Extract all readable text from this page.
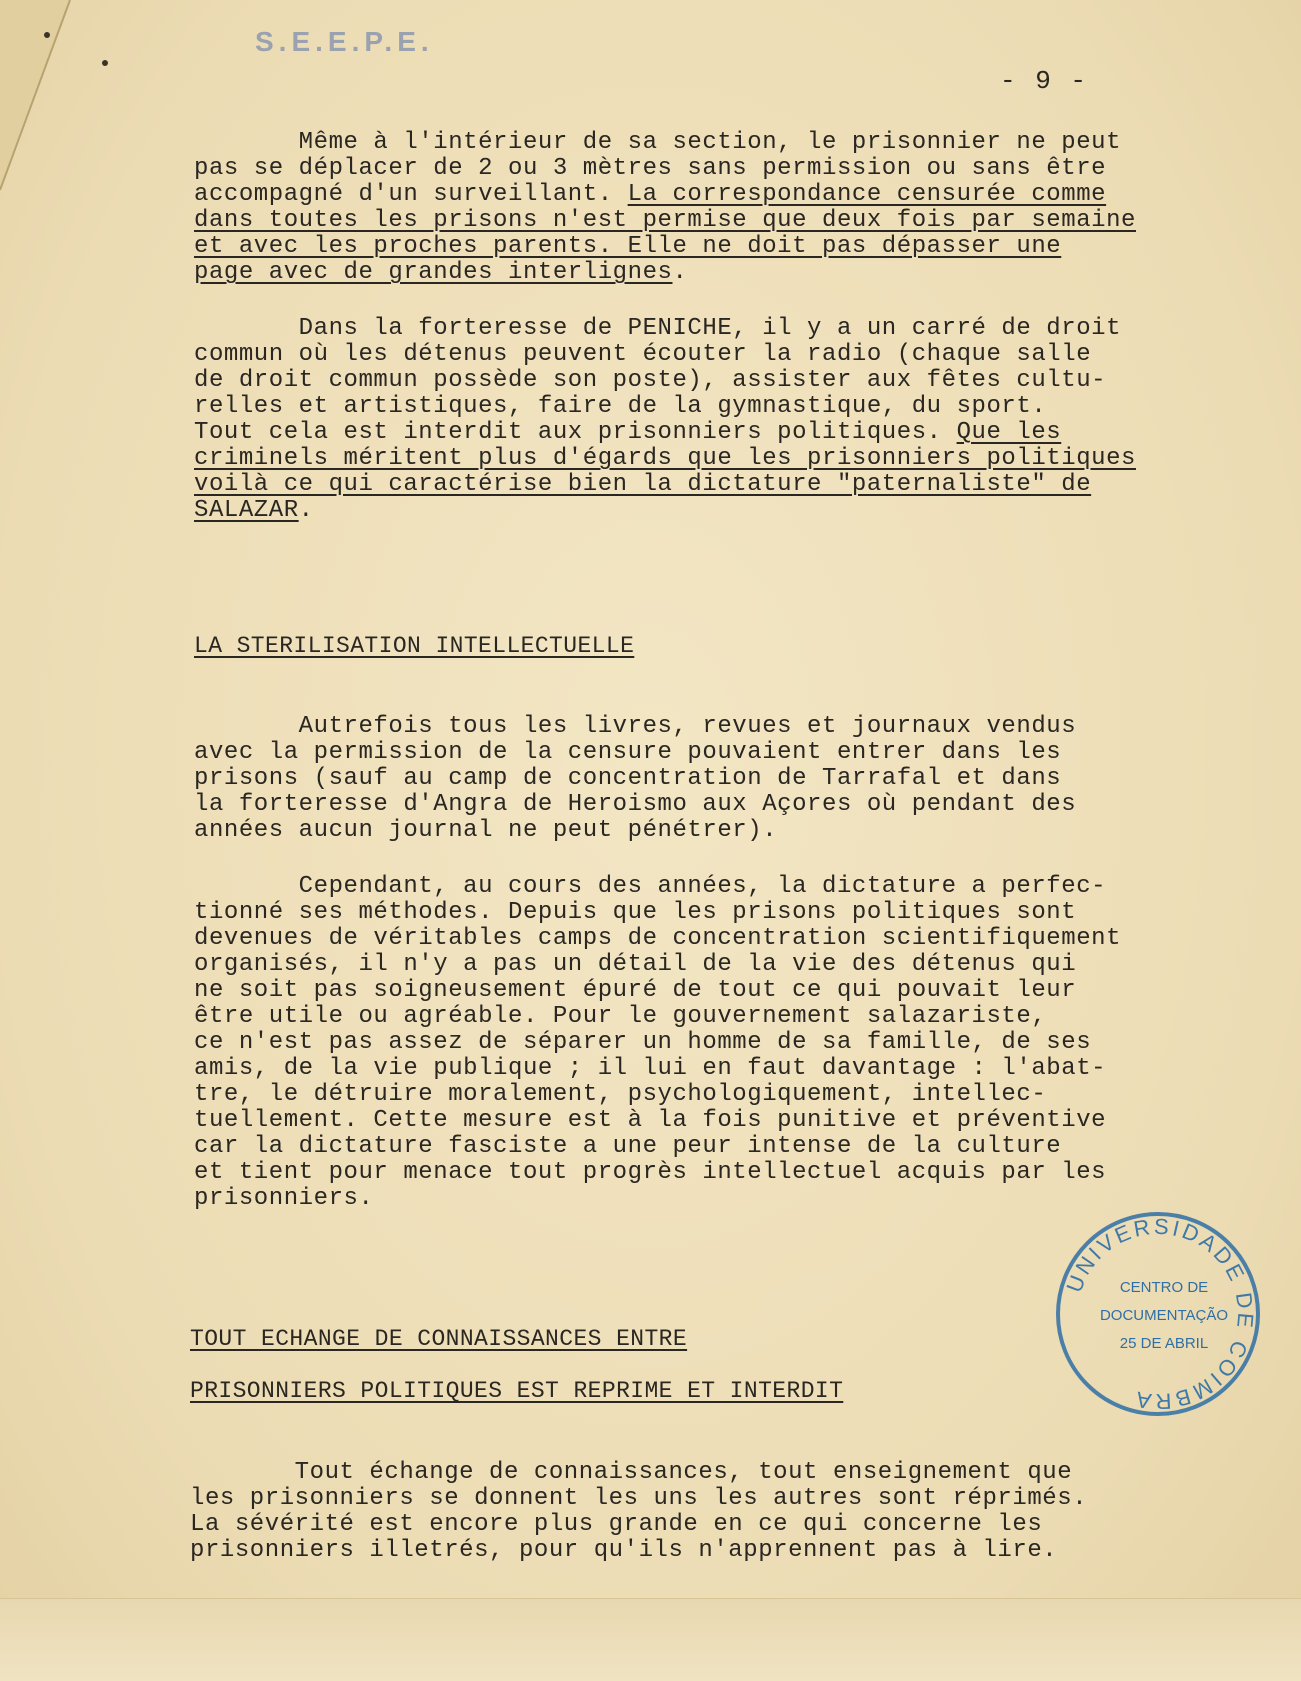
S.E.E.P.E.
- 9 -
Même à l'intérieur de sa section, le prisonnier ne peut
pas se déplacer de 2 ou 3 mètres sans permission ou sans être
accompagné d'un surveillant. La correspondance censurée comme
dans toutes les prisons n'est permise que deux fois par semaine
et avec les proches parents. Elle ne doit pas dépasser une
page avec de grandes interlignes.
Dans la forteresse de PENICHE, il y a un carré de droit
commun où les détenus peuvent écouter la radio (chaque salle
de droit commun possède son poste), assister aux fêtes cultu-
relles et artistiques, faire de la gymnastique, du sport.
Tout cela est interdit aux prisonniers politiques. Que les
criminels méritent plus d'égards que les prisonniers politiques
voilà ce qui caractérise bien la dictature "paternaliste" de
SALAZAR.
LA STERILISATION INTELLECTUELLE
Autrefois tous les livres, revues et journaux vendus
avec la permission de la censure pouvaient entrer dans les
prisons (sauf au camp de concentration de Tarrafal et dans
la forteresse d'Angra de Heroismo aux Açores où pendant des
années aucun journal ne peut pénétrer).
Cependant, au cours des années, la dictature a perfec-
tionné ses méthodes. Depuis que les prisons politiques sont
devenues de véritables camps de concentration scientifiquement
organisés, il n'y a pas un détail de la vie des détenus qui
ne soit pas soigneusement épuré de tout ce qui pouvait leur
être utile ou agréable. Pour le gouvernement salazariste,
ce n'est pas assez de séparer un homme de sa famille, de ses
amis, de la vie publique ; il lui en faut davantage : l'abat-
tre, le détruire moralement, psychologiquement, intellec-
tuellement. Cette mesure est à la fois punitive et préventive
car la dictature fasciste a une peur intense de la culture
et tient pour menace tout progrès intellectuel acquis par les
prisonniers.
TOUT ECHANGE DE CONNAISSANCES ENTRE
PRISONNIERS POLITIQUES EST REPRIME ET INTERDIT
Tout échange de connaissances, tout enseignement que
les prisonniers se donnent les uns les autres sont réprimés.
La sévérité est encore plus grande en ce qui concerne les
prisonniers illetrés, pour qu'ils n'apprennent pas à lire.
UNIVERSIDADE DE COIMBRA
CENTRO DE
DOCUMENTAÇÃO
25 DE ABRIL
